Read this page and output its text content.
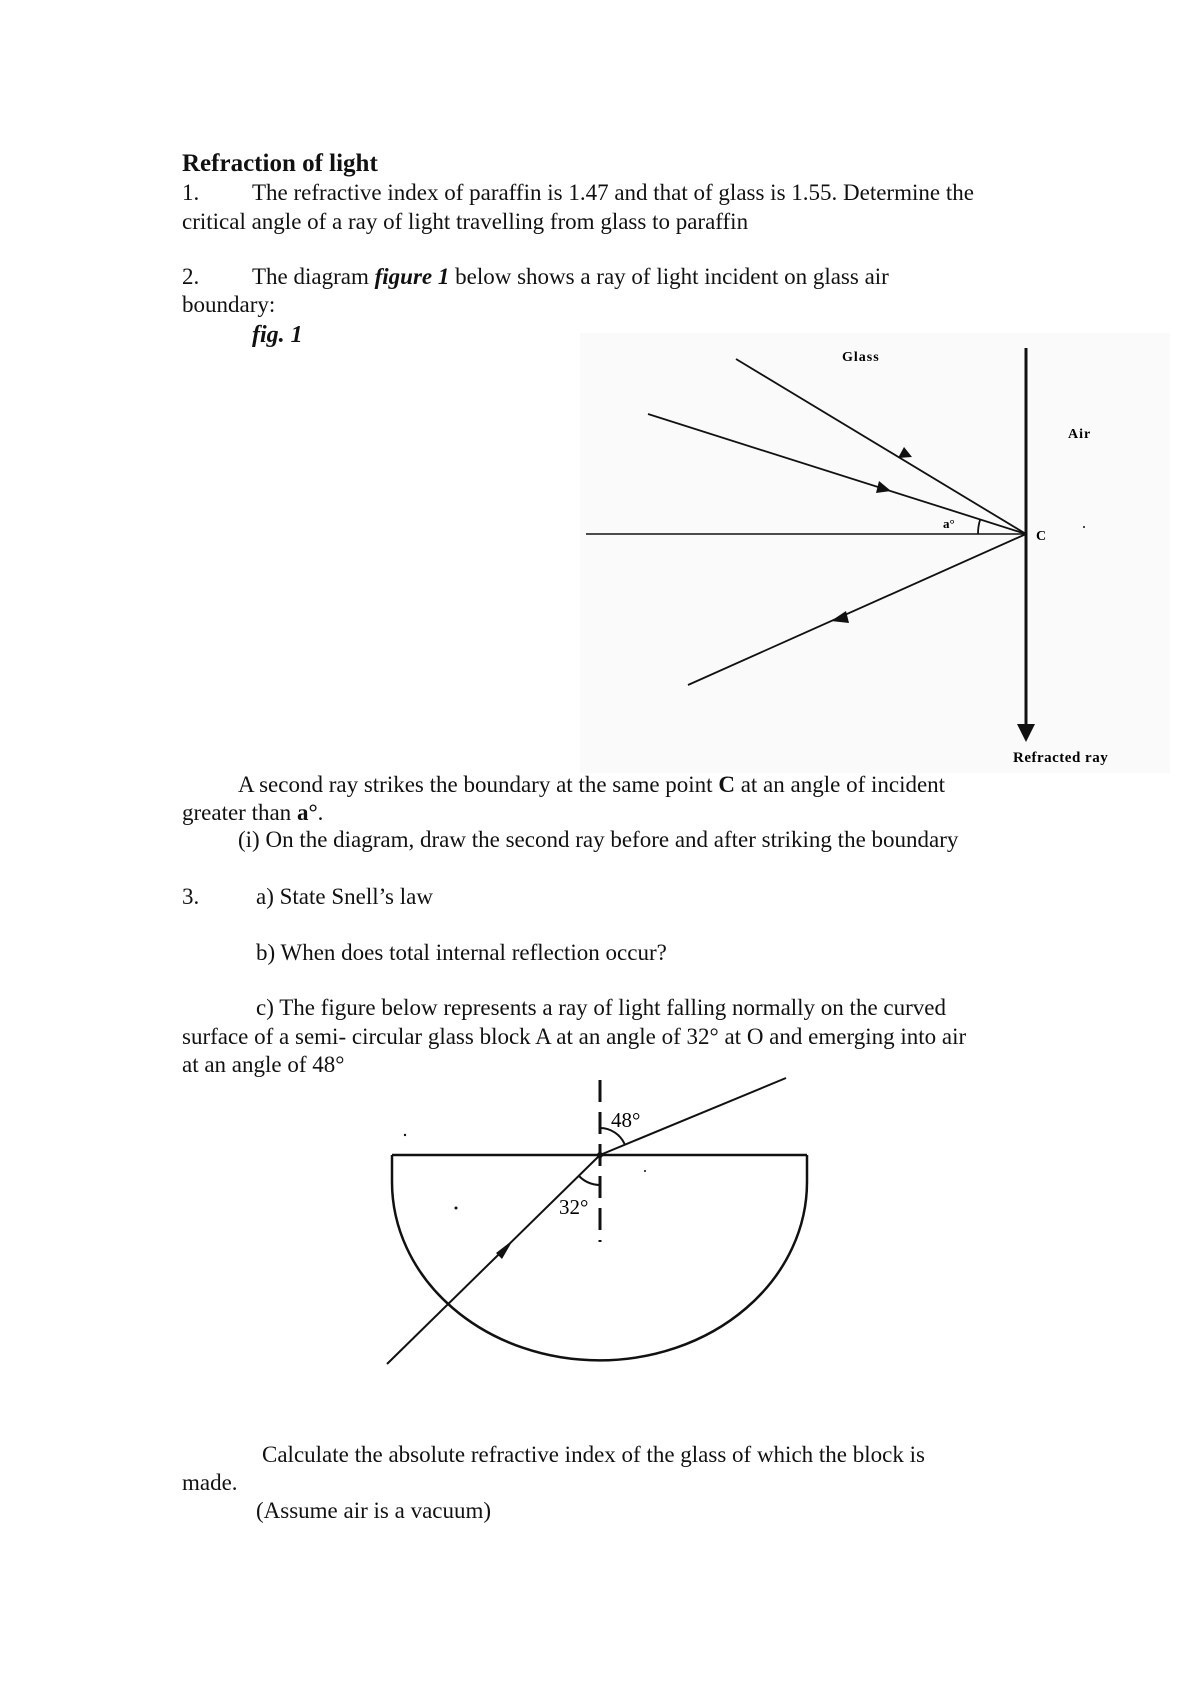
Refraction of light
1. The refractive index of paraffin is 1.47 and that of glass is 1.55. Determine the
critical angle of a ray of light travelling from glass to paraffin
2. The diagram figure 1 below shows a ray of light incident on glass air
boundary:
fig. 1
a°
Glass
Air
C
Refracted ray
A second ray strikes the boundary at the same point C at an angle of incident
greater than a°.
(i) On the diagram, draw the second ray before and after striking the boundary
3. a) State Snell’s law
b) When does total internal reflection occur?
c) The figure below represents a ray of light falling normally on the curved
surface of a semi- circular glass block A at an angle of 32° at O and emerging into air
at an angle of 48°
48°
32°
Calculate the absolute refractive index of the glass of which the block is
made.
(Assume air is a vacuum)
